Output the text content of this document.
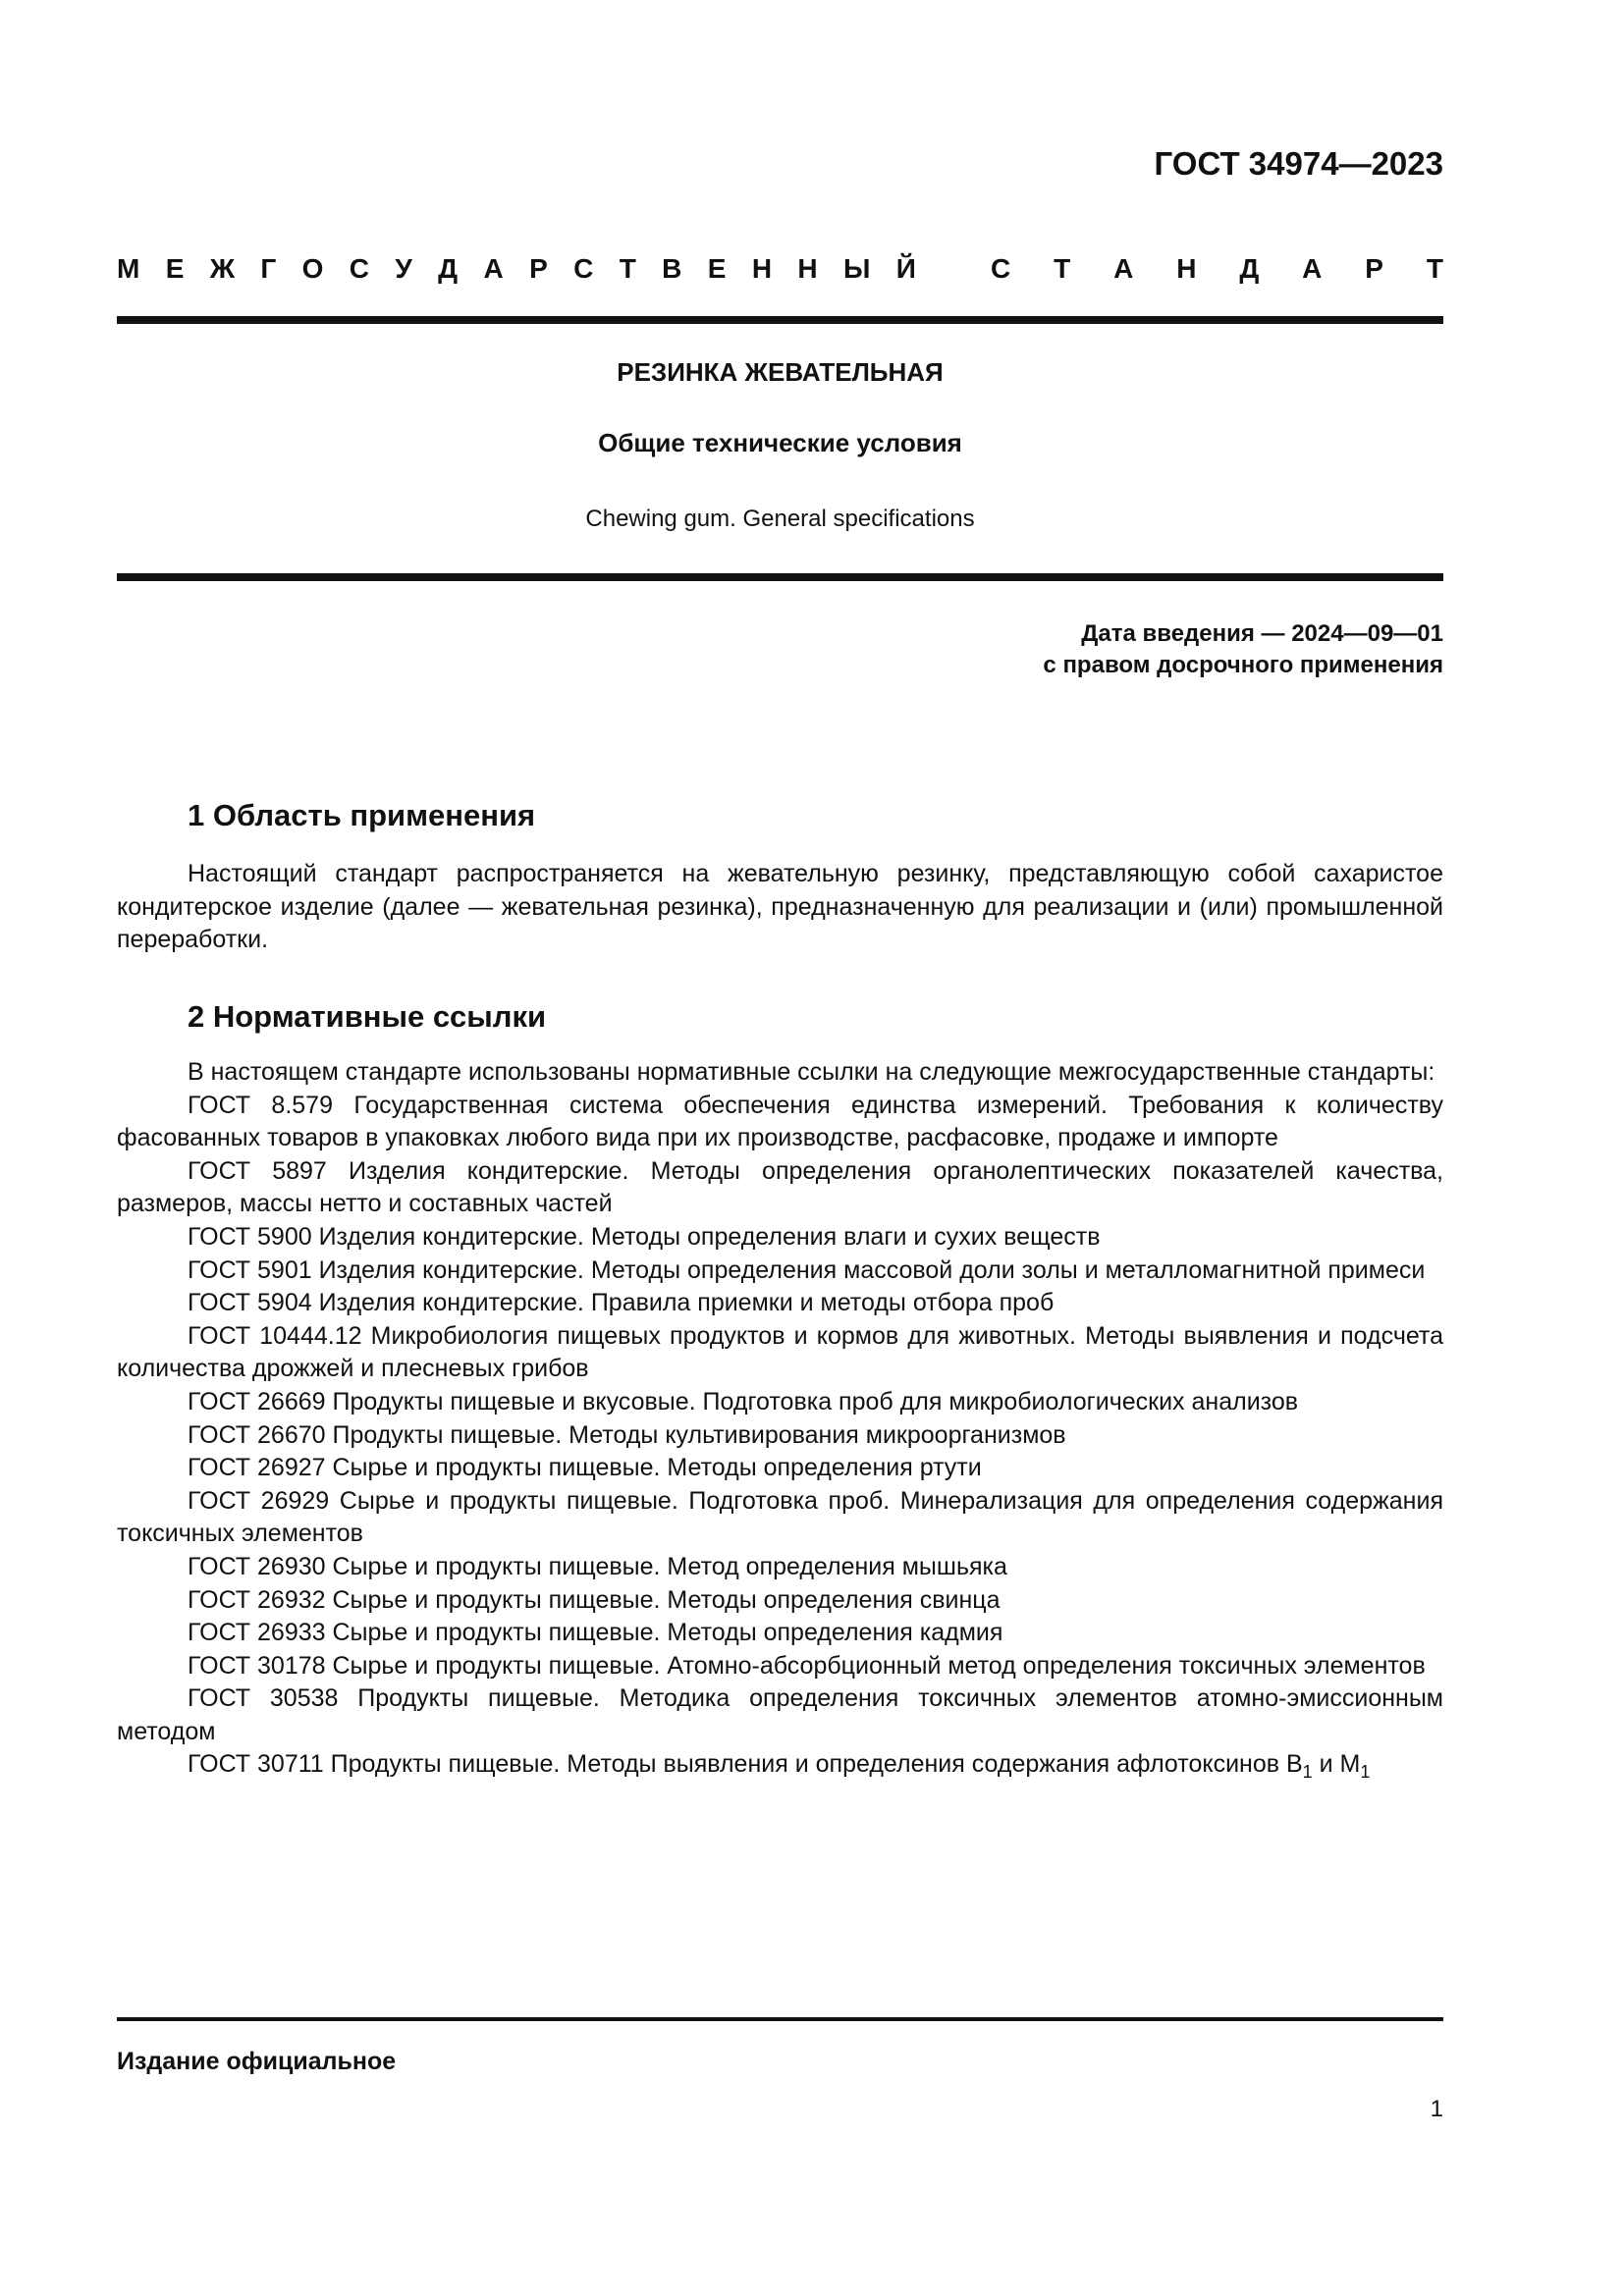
ГОСТ 34974—2023
М Е Ж Г О С У Д А Р С Т В Е Н Н Ы Й	С Т А Н Д А Р Т
РЕЗИНКА ЖЕВАТЕЛЬНАЯ
Общие технические условия
Chewing gum. General specifications
Дата введения — 2024—09—01
с правом досрочного применения
1 Область применения

Настоящий стандарт распространяется на жевательную резинку, представляющую собой сахаристое кондитерское изделие (далее — жевательная резинка), предназначенную для реализации и (или) промышленной переработки.

2 Нормативные ссылки

В настоящем стандарте использованы нормативные ссылки на следующие межгосударственные стандарты:

ГОСТ 8.579 Государственная система обеспечения единства измерений. Требования к количеству фасованных товаров в упаковках любого вида при их производстве, расфасовке, продаже и импорте

ГОСТ 5897 Изделия кондитерские. Методы определения органолептических показателей качества, размеров, массы нетто и составных частей

ГОСТ 5900 Изделия кондитерские. Методы определения влаги и сухих веществ

ГОСТ 5901 Изделия кондитерские. Методы определения массовой доли золы и металломагнитной примеси

ГОСТ 5904 Изделия кондитерские. Правила приемки и методы отбора проб

ГОСТ 10444.12 Микробиология пищевых продуктов и кормов для животных. Методы выявления и подсчета количества дрожжей и плесневых грибов

ГОСТ 26669 Продукты пищевые и вкусовые. Подготовка проб для микробиологических анализов

ГОСТ 26670 Продукты пищевые. Методы культивирования микроорганизмов

ГОСТ 26927 Сырье и продукты пищевые. Методы определения ртути

ГОСТ 26929 Сырье и продукты пищевые. Подготовка проб. Минерализация для определения содержания токсичных элементов

ГОСТ 26930 Сырье и продукты пищевые. Метод определения мышьяка

ГОСТ 26932 Сырье и продукты пищевые. Методы определения свинца

ГОСТ 26933 Сырье и продукты пищевые. Методы определения кадмия

ГОСТ 30178 Сырье и продукты пищевые. Атомно-абсорбционный метод определения токсичных элементов

ГОСТ 30538 Продукты пищевые. Методика определения токсичных элементов атомно-эмиссионным методом

ГОСТ 30711 Продукты пищевые. Методы выявления и определения содержания афлотоксинов $B_1$ и $M_1$

Издание официальное
1
